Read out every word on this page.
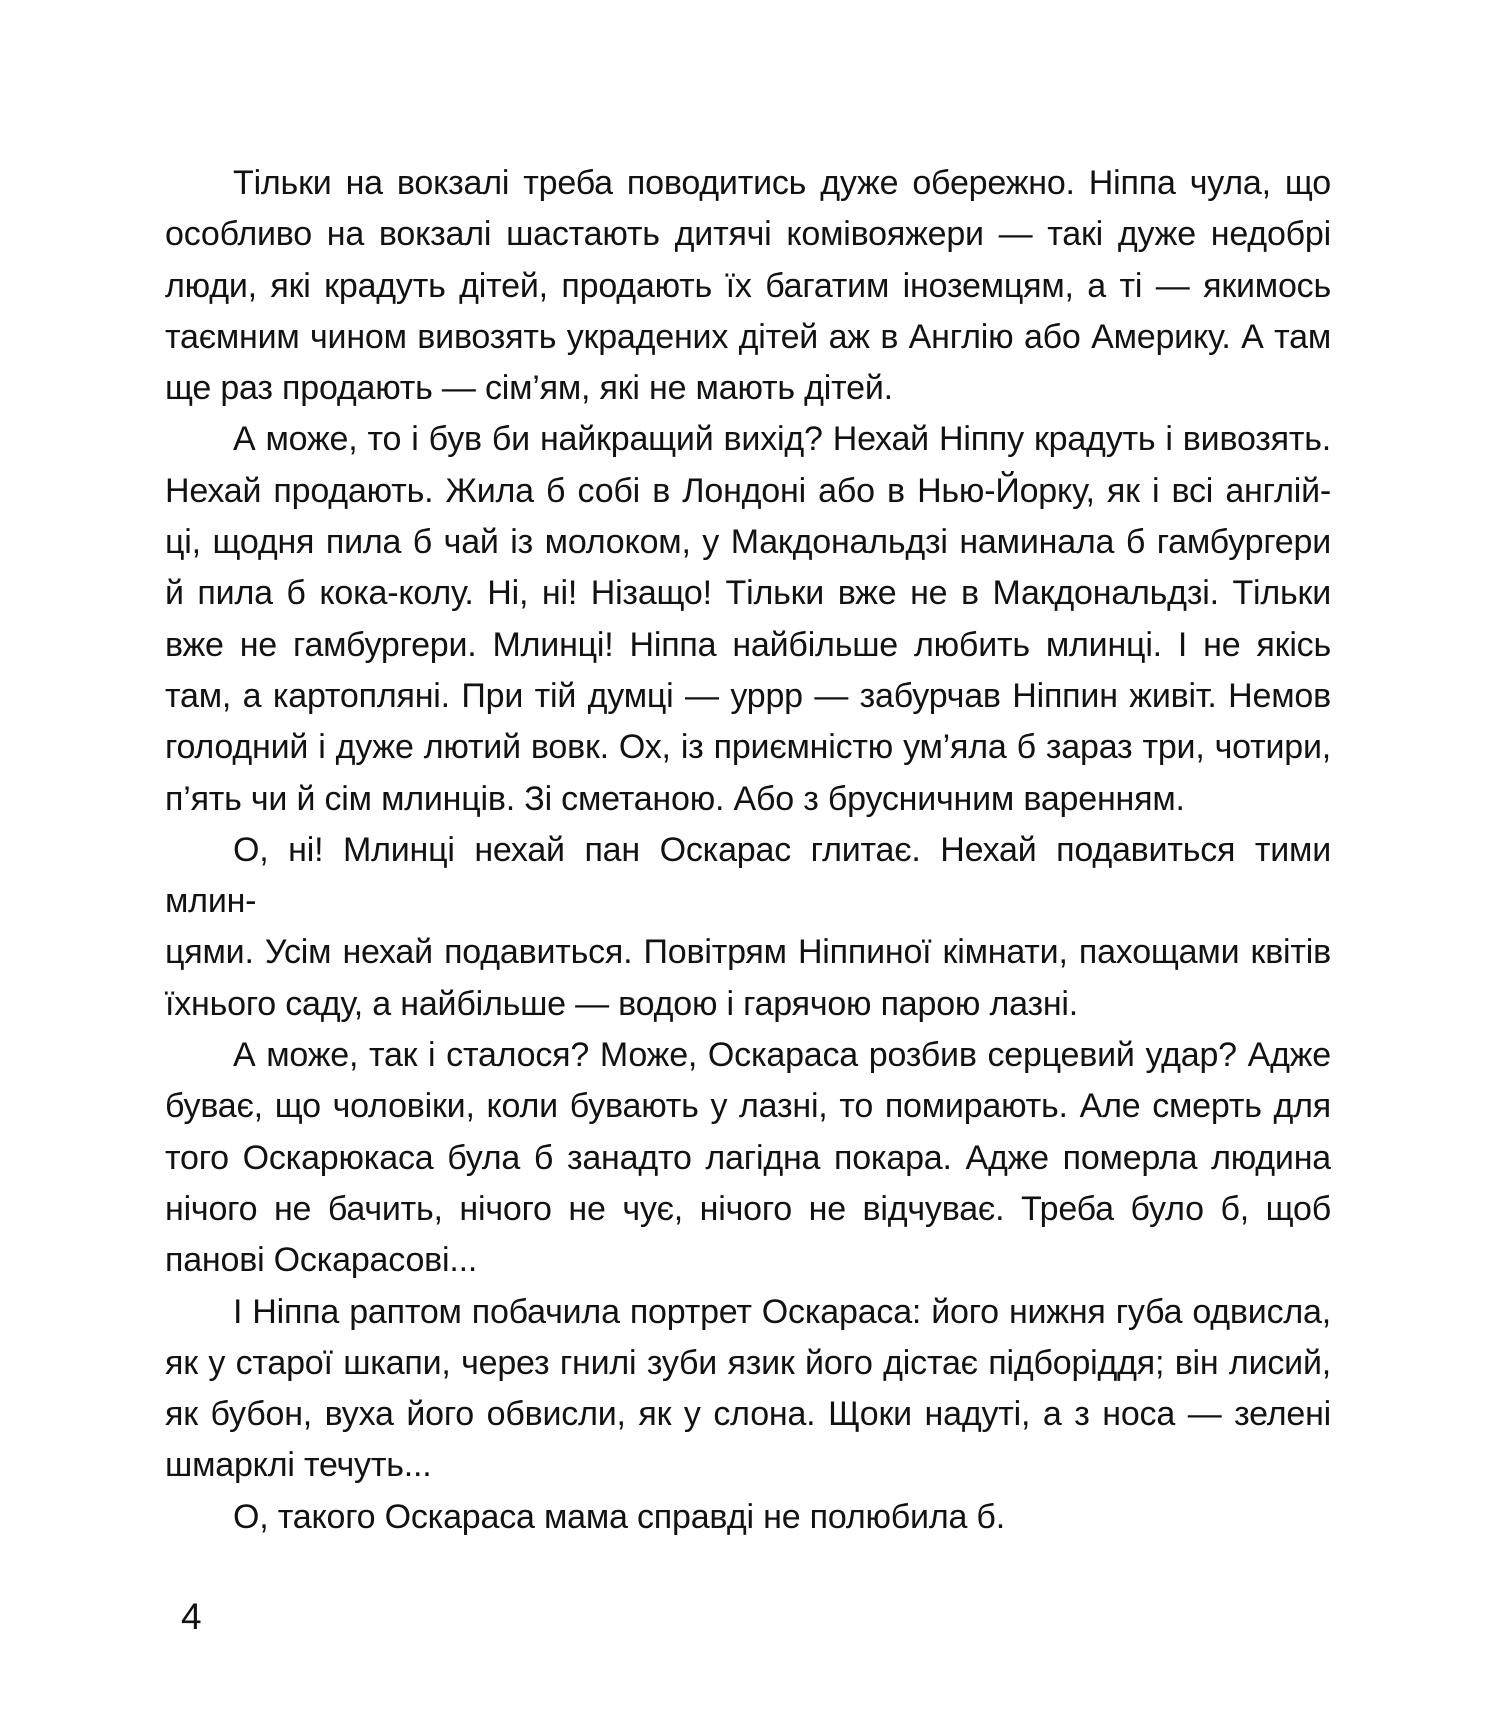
Тільки на вокзалі треба поводитись дуже обережно. Ніппа чула, що
особливо на вокзалі шастають дитячі комівояжери — такі дуже недобрі
люди, які крадуть дітей, продають їх багатим іноземцям, а ті — якимось
таємним чином вивозять украдених дітей аж в Англію або Америку. А там
ще раз продають — сім’ям, які не мають дітей.
А може, то і був би найкращий вихід? Нехай Ніппу крадуть і вивозять.
Нехай продають. Жила б собі в Лондоні або в Нью-Йорку, як і всі англій-
ці, щодня пила б чай із молоком, у Макдональдзі наминала б гамбургери
й пила б кока-колу. Ні, ні! Нізащо! Тільки вже не в Макдональдзі. Тільки
вже не гамбургери. Млинці! Ніппа найбільше любить млинці. І не якісь
там, а картопляні. При тій думці — уррр — забурчав Ніппин живіт. Немов
голодний і дуже лютий вовк. Ох, із приємністю ум’яла б зараз три, чотири,
п’ять чи й сім млинців. Зі сметаною. Або з брусничним варенням.
О, ні! Млинці нехай пан Оскарас глитає. Нехай подавиться тими млин-
цями. Усім нехай подавиться. Повітрям Ніппиної кімнати, пахощами квітів
їхнього саду, а найбільше — водою і гарячою парою лазні.
А може, так і сталося? Може, Оскараса розбив серцевий удар? Адже
буває, що чоловіки, коли бувають у лазні, то помирають. Але смерть для
того Оскарюкаса була б занадто лагідна покара. Адже померла людина
нічого не бачить, нічого не чує, нічого не відчуває. Треба було б, щоб
панові Оскарасові...
І Ніппа раптом побачила портрет Оскараса: його нижня губа одвисла,
як у старої шкапи, через гнилі зуби язик його дістає підборіддя; він лисий,
як бубон, вуха його обвисли, як у слона. Щоки надуті, а з носа — зелені
шмарклі течуть...
О, такого Оскараса мама справді не полюбила б.
4
